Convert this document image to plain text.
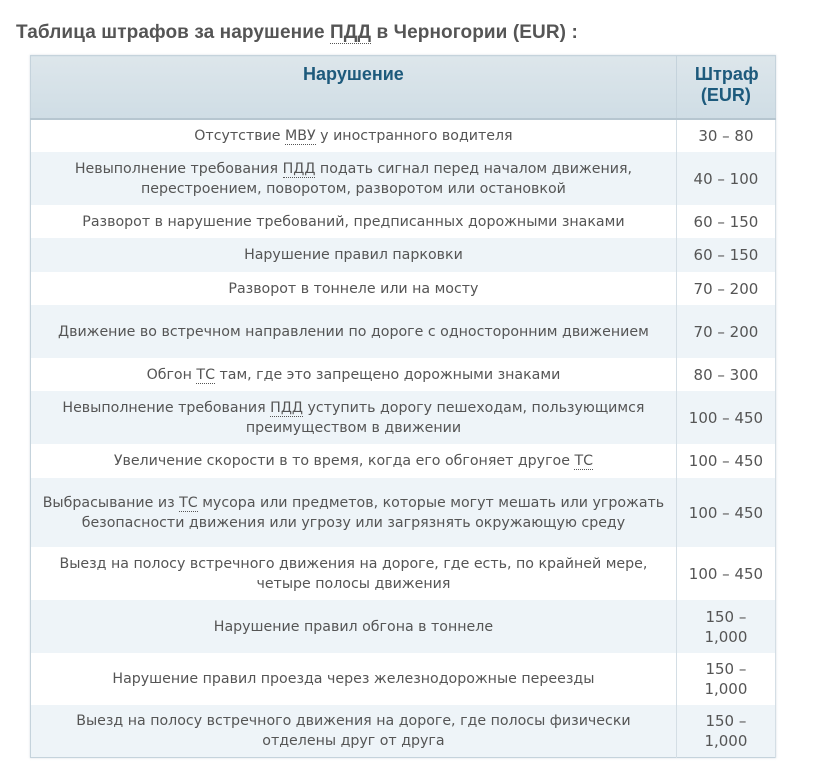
Таблица штрафов за нарушение ПДД в Черногории (EUR) :
Нарушение	Штраф (EUR)
Отсутствие МВУ у иностранного водителя	30 – 80
Невыполнение требования ПДД подать сигнал перед началом движения, перестроением, поворотом, разворотом или остановкой	40 – 100
Разворот в нарушение требований, предписанных дорожными знаками	60 – 150
Нарушение правил парковки	60 – 150
Разворот в тоннеле или на мосту	70 – 200
Движение во встречном направлении по дороге с односторонним движением	70 – 200
Обгон ТС там, где это запрещено дорожными знаками	80 – 300
Невыполнение требования ПДД уступить дорогу пешеходам, пользующимся преимуществом в движении	100 – 450
Увеличение скорости в то время, когда его обгоняет другое ТС	100 – 450
Выбрасывание из ТС мусора или предметов, которые могут мешать или угрожать безопасности движения или угрозу или загрязнять окружающую среду	100 – 450
Выезд на полосу встречного движения на дороге, где есть, по крайней мере, четыре полосы движения	100 – 450
Нарушение правил обгона в тоннеле	150 – 1,000
Нарушение правил проезда через железнодорожные переезды	150 – 1,000
Выезд на полосу встречного движения на дороге, где полосы физически отделены друг от друга	150 – 1,000
